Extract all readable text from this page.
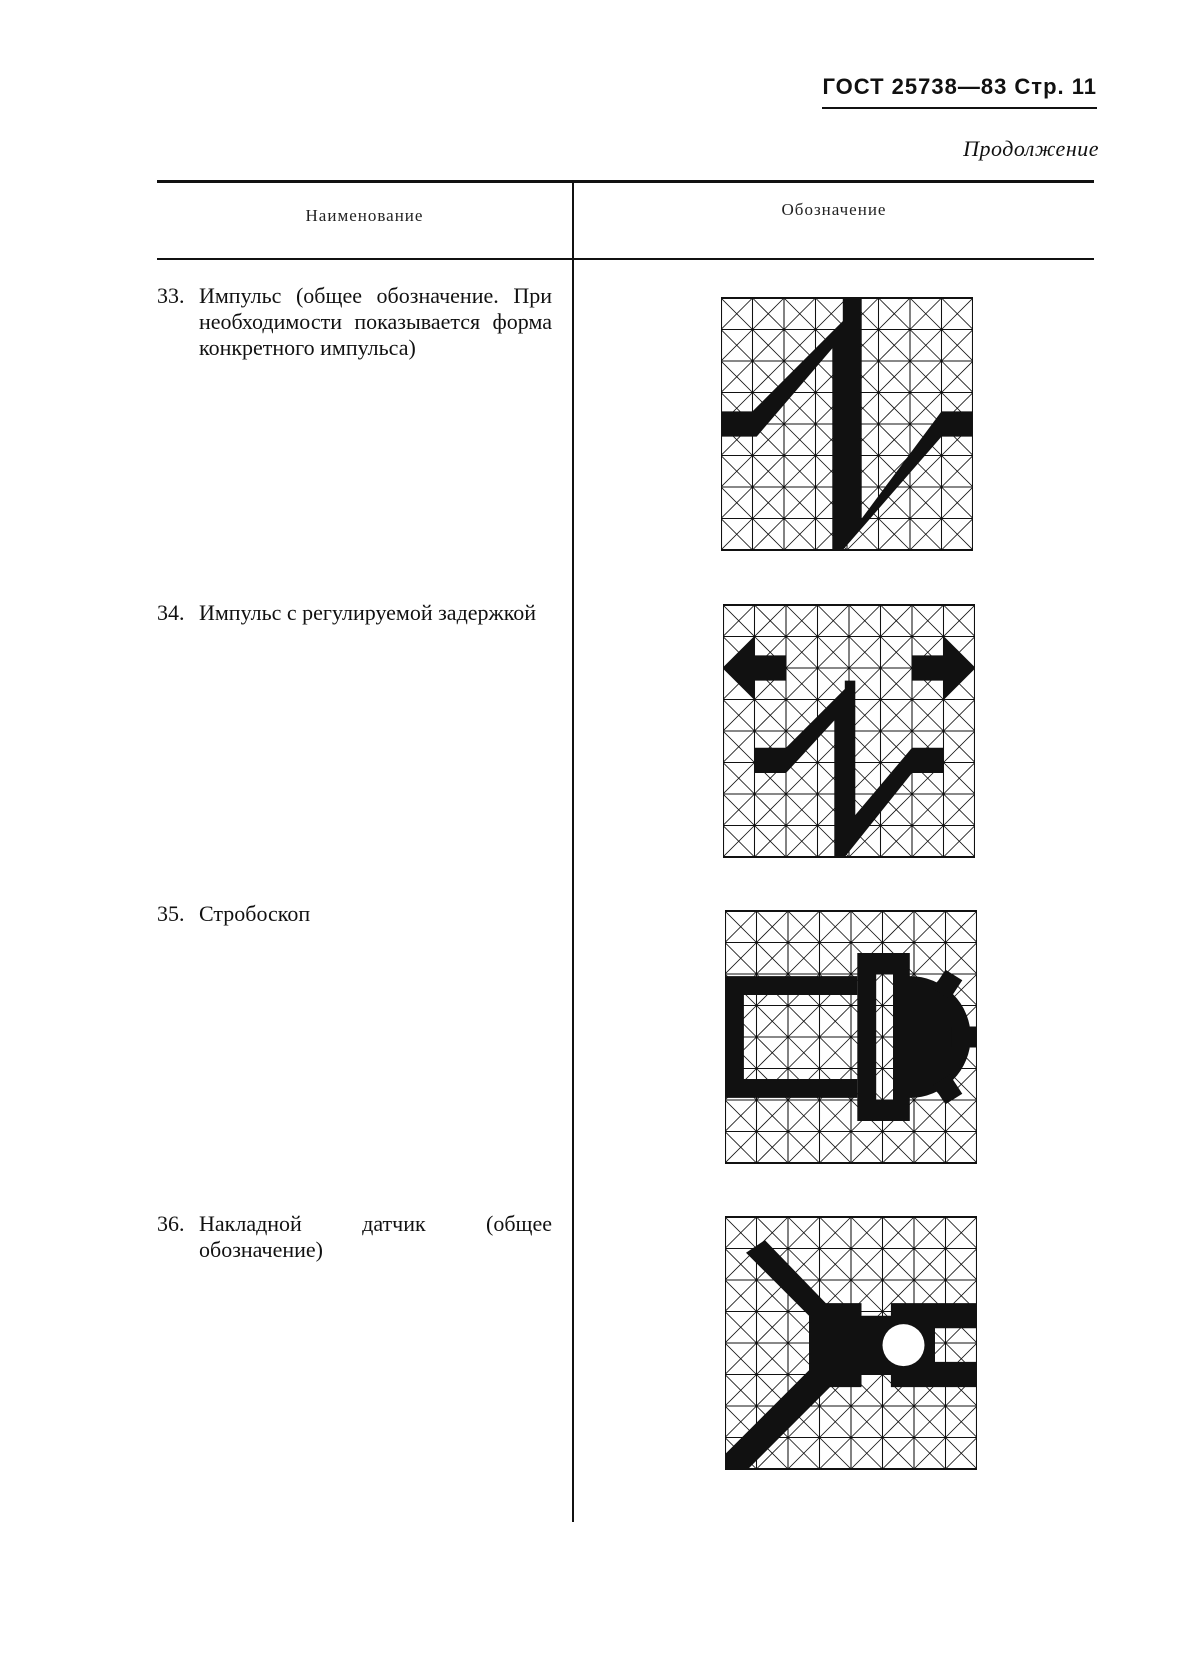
ГОСТ 25738—83 Стр. 11
Продолжение
Наименование	Обозначение
33. Импульс (общее обозначение. При необходимости показывается форма конкретного импульса)
34. Импульс с регулируемой задержкой
35. Стробоскоп
36. Накладной датчик (общее обозначение)
